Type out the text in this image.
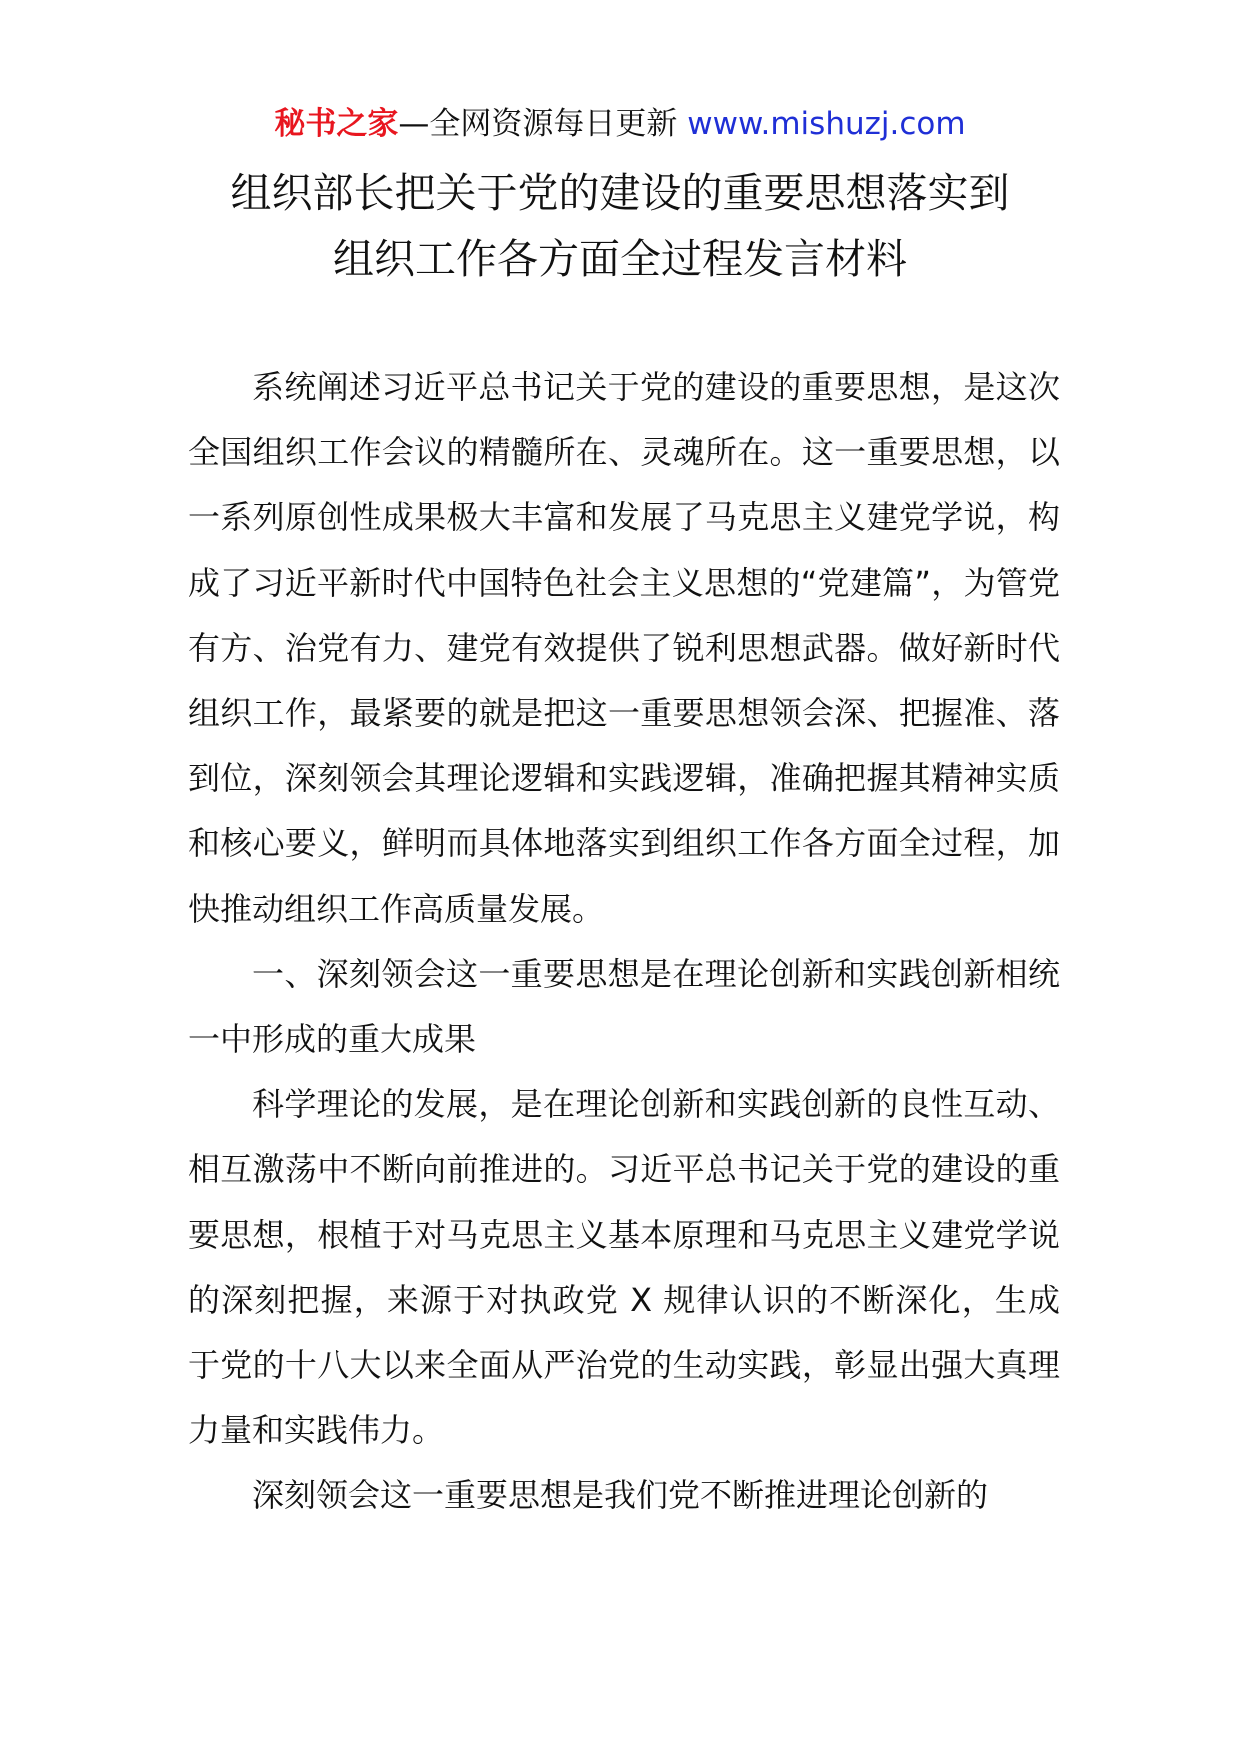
秘书之家—全网资源每日更新 www.mishuzj.com
组织部长把关于党的建设的重要思想落实到
组织工作各方面全过程发言材料

系统阐述习近平总书记关于党的建设的重要思想，是这次全国组织工作会议的精髓所在、灵魂所在。这一重要思想，以一系列原创性成果极大丰富和发展了马克思主义建党学说，构成了习近平新时代中国特色社会主义思想的“党建篇”，为管党有方、治党有力、建党有效提供了锐利思想武器。做好新时代组织工作，最紧要的就是把这一重要思想领会深、把握准、落到位，深刻领会其理论逻辑和实践逻辑，准确把握其精神实质和核心要义，鲜明而具体地落实到组织工作各方面全过程，加快推动组织工作高质量发展。

一、深刻领会这一重要思想是在理论创新和实践创新相统一中形成的重大成果

科学理论的发展，是在理论创新和实践创新的良性互动、相互激荡中不断向前推进的。习近平总书记关于党的建设的重要思想，根植于对马克思主义基本原理和马克思主义建党学说的深刻把握，来源于对执政党 X 规律认识的不断深化，生成于党的十八大以来全面从严治党的生动实践，彰显出强大真理力量和实践伟力。

深刻领会这一重要思想是我们党不断推进理论创新的
